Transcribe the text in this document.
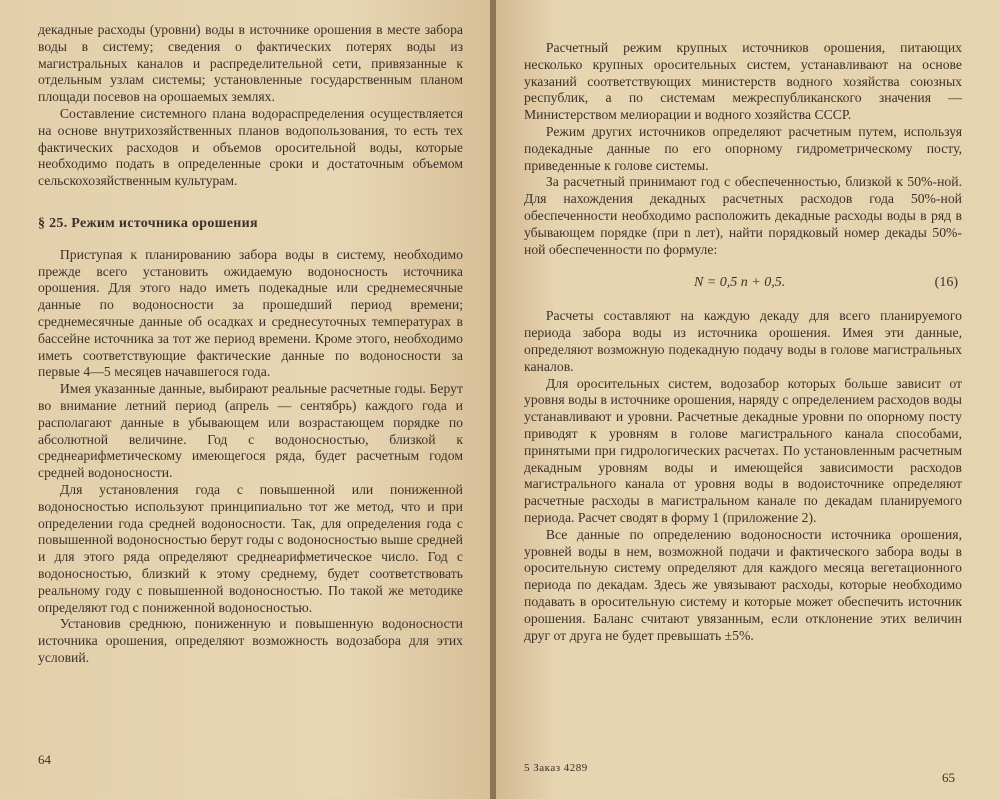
декадные расходы (уровни) воды в источнике орошения в месте забора воды в систему; сведения о фактических потерях воды из магистральных каналов и распределительной сети, привязанные к отдельным узлам системы; установленные государственным планом площади посевов на орошаемых землях.

Составление системного плана водораспределения осуществляется на основе внутрихозяйственных планов водопользования, то есть тех фактических расходов и объемов оросительной воды, которые необходимо подать в определенные сроки и достаточным объемом сельскохозяйственным культурам.

§ 25. Режим источника орошения

Приступая к планированию забора воды в систему, необходимо прежде всего установить ожидаемую водоносность источника орошения. Для этого надо иметь подекадные или среднемесячные данные по водоносности за прошедший период времени; среднемесячные данные об осадках и среднесуточных температурах в бассейне источника за тот же период времени. Кроме этого, необходимо иметь соответствующие фактические данные по водоносности за первые 4—5 месяцев начавшегося года.

Имея указанные данные, выбирают реальные расчетные годы. Берут во внимание летний период (апрель — сентябрь) каждого года и располагают данные в убывающем или возрастающем порядке по абсолютной величине. Год с водоносностью, близкой к среднеарифметическому имеющегося ряда, будет расчетным годом средней водоносности.

Для установления года с повышенной или пониженной водоносностью используют принципиально тот же метод, что и при определении года средней водоносности. Так, для определения года с повышенной водоносностью берут годы с водоносностью выше средней и для этого ряда определяют среднеарифметическое число. Год с водоносностью, близкий к этому среднему, будет соответствовать реальному году с повышенной водоносностью. По такой же методике определяют год с пониженной водоносностью.

Установив среднюю, пониженную и повышенную водоносности источника орошения, определяют возможность водозабора для этих условий.

64

Расчетный режим крупных источников орошения, питающих несколько крупных оросительных систем, устанавливают на основе указаний соответствующих министерств водного хозяйства союзных республик, а по системам межреспубликанского значения — Министерством мелиорации и водного хозяйства СССР.

Режим других источников определяют расчетным путем, используя подекадные данные по его опорному гидрометрическому посту, приведенные к голове системы.

За расчетный принимают год с обеспеченностью, близкой к 50%-ной. Для нахождения декадных расчетных расходов года 50%-ной обеспеченности необходимо расположить декадные расходы воды в ряд в убывающем порядке (при n лет), найти порядковый номер декады 50%-ной обеспеченности по формуле:

N = 0,5 n + 0,5.	(16)

Расчеты составляют на каждую декаду для всего планируемого периода забора воды из источника орошения. Имея эти данные, определяют возможную подекадную подачу воды в голове магистральных каналов.

Для оросительных систем, водозабор которых больше зависит от уровня воды в источнике орошения, наряду с определением расходов воды устанавливают и уровни. Расчетные декадные уровни по опорному посту приводят к уровням в голове магистрального канала способами, принятыми при гидрологических расчетах. По установленным расчетным декадным уровням воды и имеющейся зависимости расходов магистрального канала от уровня воды в водоисточнике определяют расчетные расходы в магистральном канале по декадам планируемого периода. Расчет сводят в форму 1 (приложение 2).

Все данные по определению водоносности источника орошения, уровней воды в нем, возможной подачи и фактического забора воды в оросительную систему определяют для каждого месяца вегетационного периода по декадам. Здесь же увязывают расходы, которые необходимо подавать в оросительную систему и которые может обеспечить источник орошения. Баланс считают увязанным, если отклонение этих величин друг от друга не будет превышать ±5%.

5 Заказ 4289
65
